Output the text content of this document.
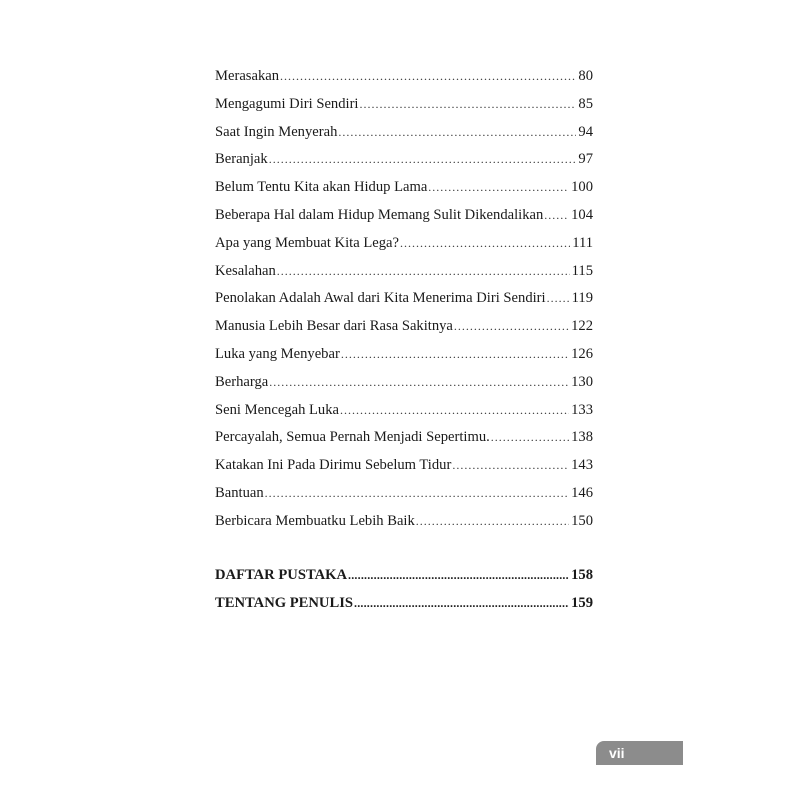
Merasakan .....	80
Mengagumi Diri Sendiri .....	85
Saat Ingin Menyerah .....	94
Beranjak .....	97
Belum Tentu Kita akan Hidup Lama .....	100
Beberapa Hal dalam Hidup Memang Sulit Dikendalikan ..... 104
Apa yang Membuat Kita Lega? .....	111
Kesalahan .....	115
Penolakan Adalah Awal dari Kita Menerima Diri Sendiri ..... 119
Manusia Lebih Besar dari Rasa Sakitnya .....	122
Luka yang Menyebar .....	126
Berharga .....	130
Seni Mencegah Luka .....	133
Percayalah, Semua Pernah Menjadi Sepertimu. .....	138
Katakan Ini Pada Dirimu Sebelum Tidur .....	143
Bantuan .....	146
Berbicara Membuatku Lebih Baik .....	150
DAFTAR PUSTAKA .....	158
TENTANG PENULIS .....	159
vii
